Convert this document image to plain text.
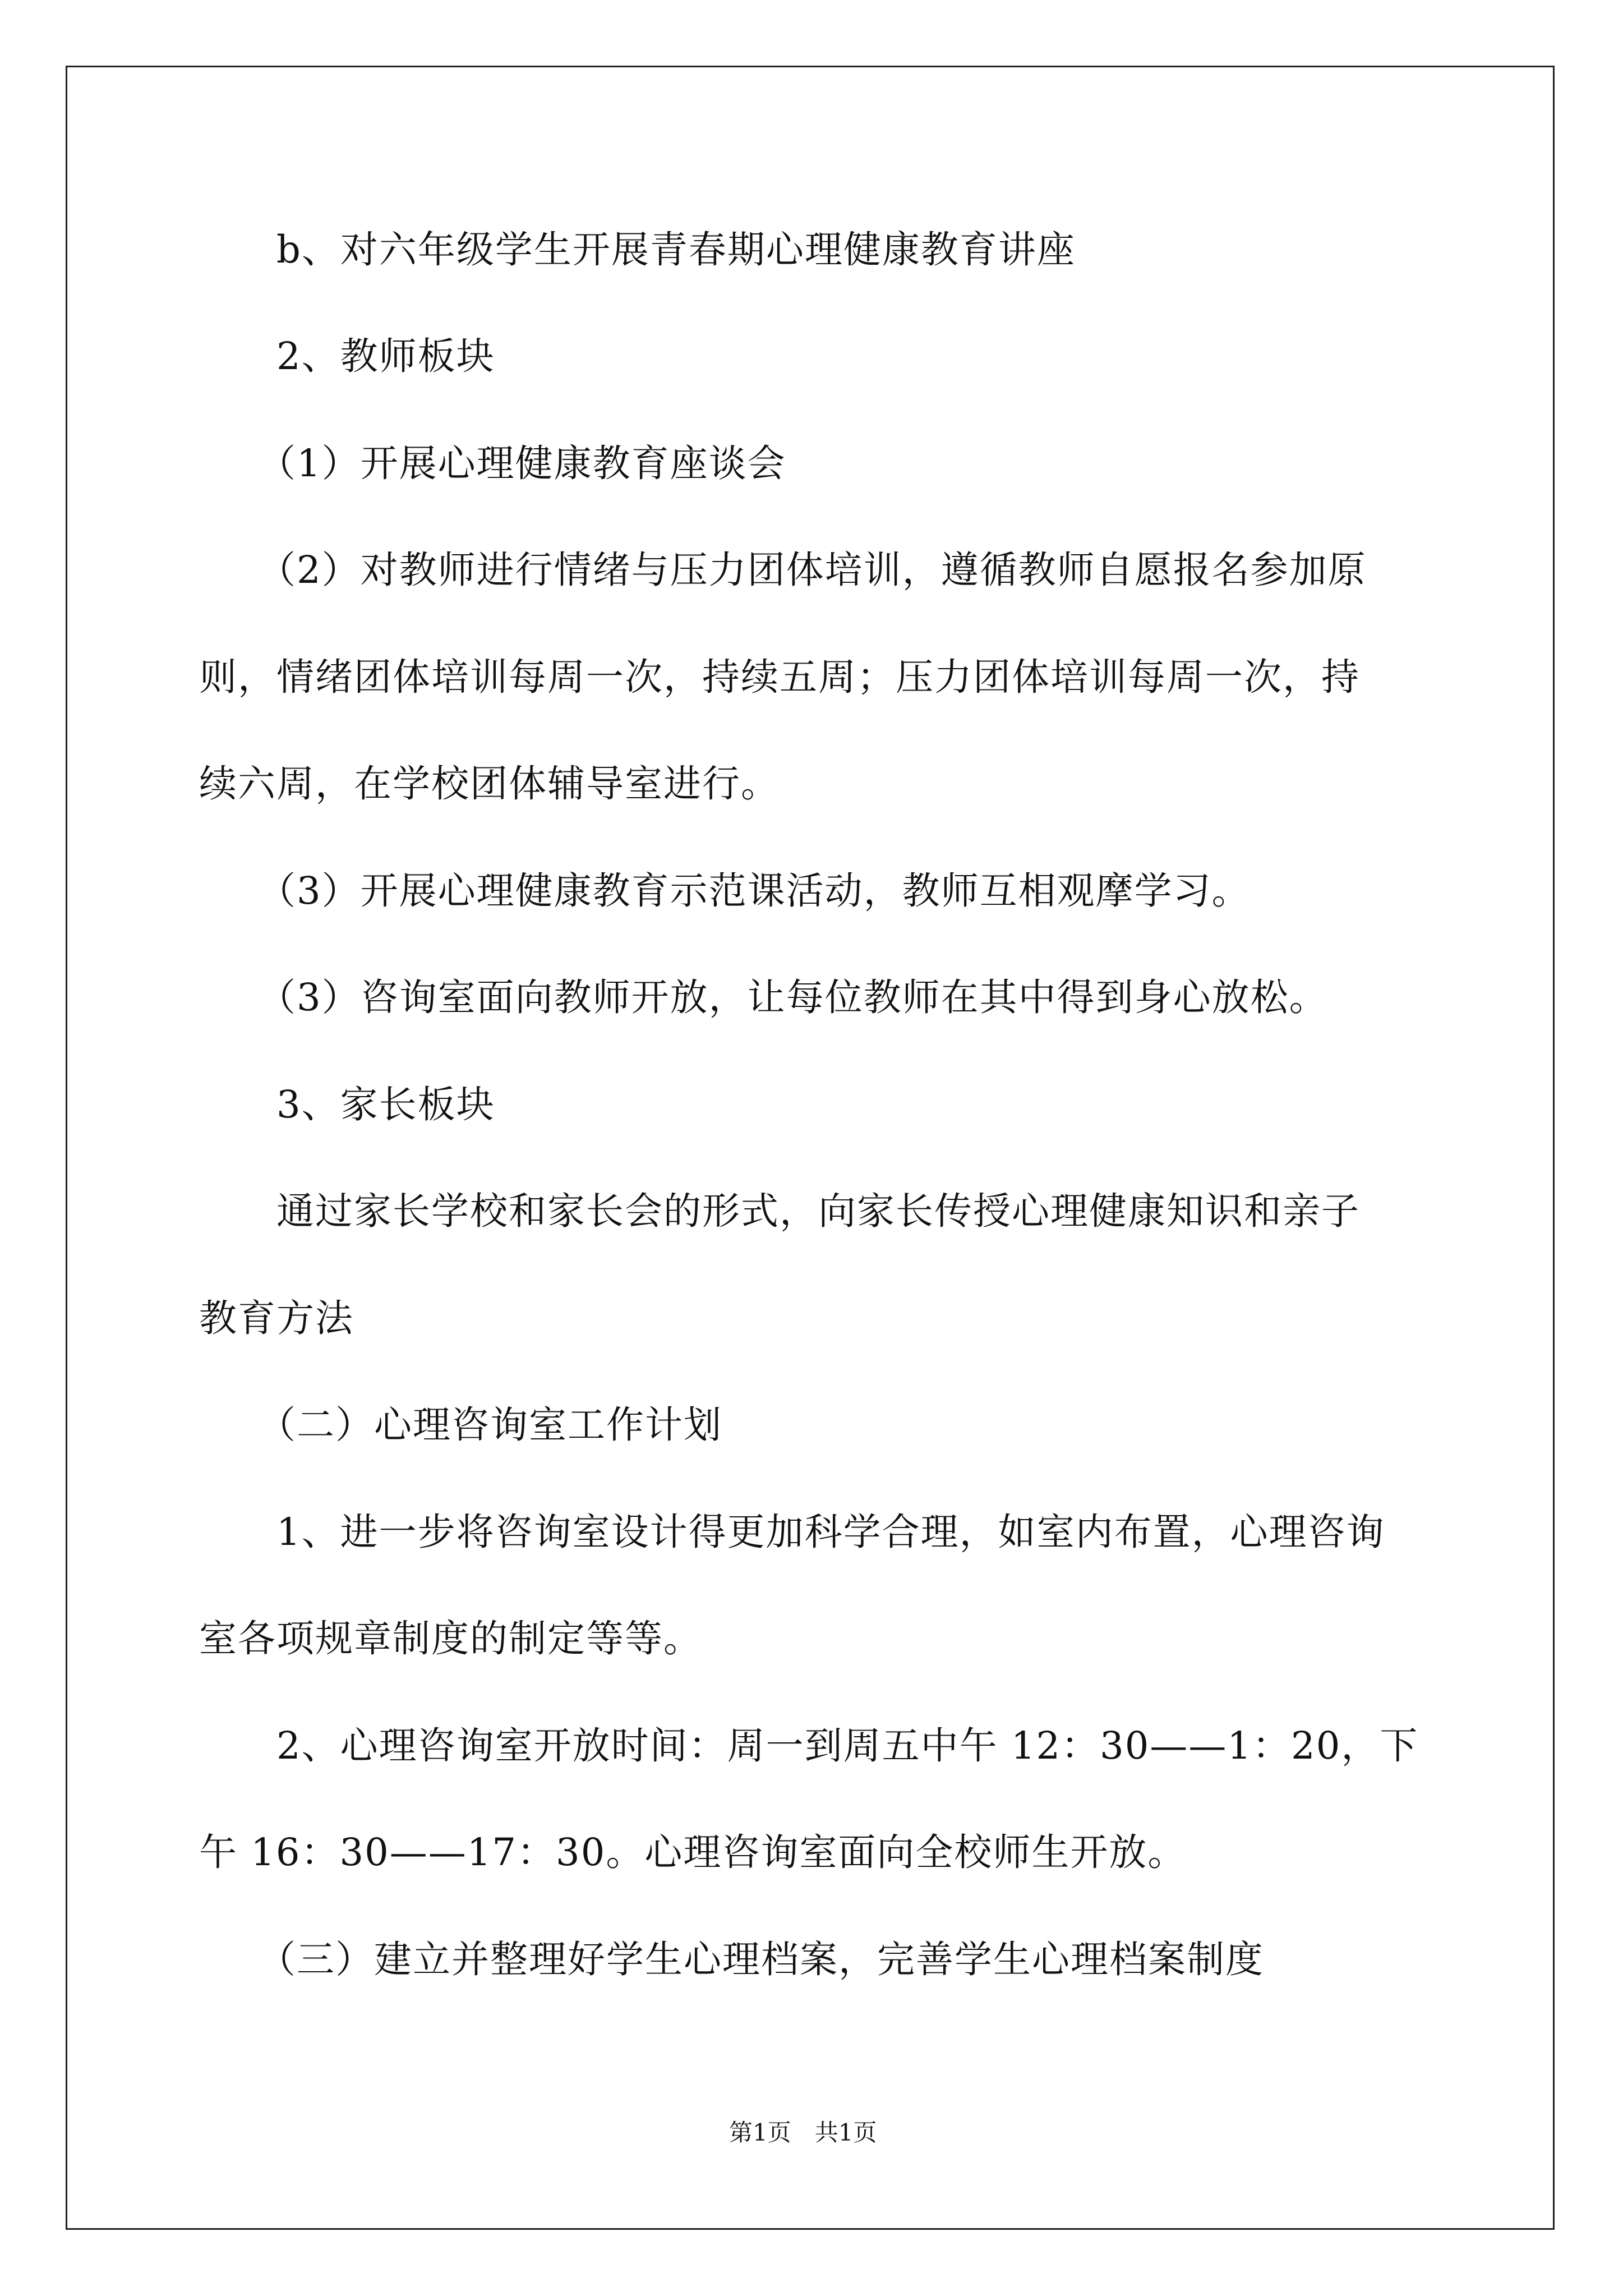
b、对六年级学生开展青春期心理健康教育讲座

2、教师板块

（1）开展心理健康教育座谈会

（2）对教师进行情绪与压力团体培训，遵循教师自愿报名参加原

则，情绪团体培训每周一次，持续五周；压力团体培训每周一次，持

续六周，在学校团体辅导室进行。

（3）开展心理健康教育示范课活动，教师互相观摩学习。

（3）咨询室面向教师开放，让每位教师在其中得到身心放松。

3、家长板块

通过家长学校和家长会的形式，向家长传授心理健康知识和亲子

教育方法

（二）心理咨询室工作计划

1、进一步将咨询室设计得更加科学合理，如室内布置，心理咨询

室各项规章制度的制定等等。

2、心理咨询室开放时间：周一到周五中午 12：30——1：20，下

午 16：30——17：30。心理咨询室面向全校师生开放。

（三）建立并整理好学生心理档案，完善学生心理档案制度

第1页　共1页
